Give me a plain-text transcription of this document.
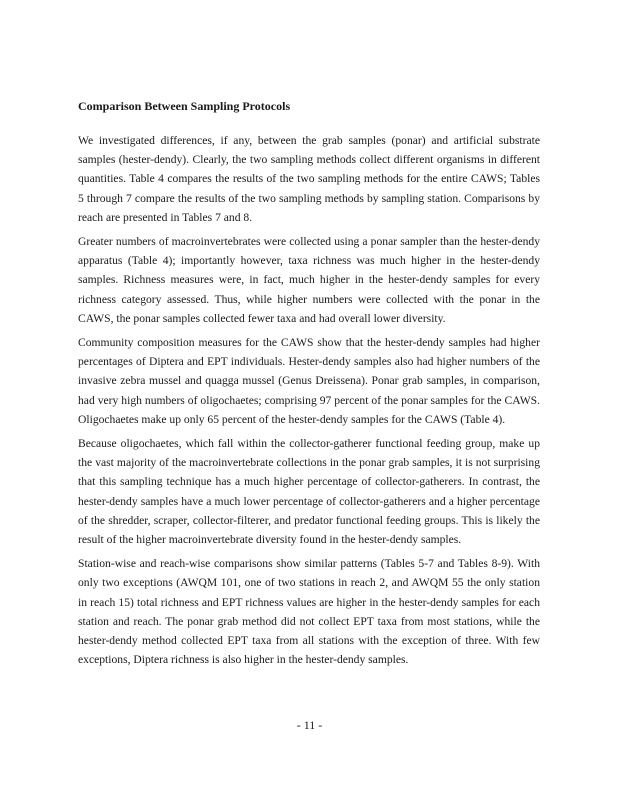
Comparison Between Sampling Protocols

We investigated differences, if any, between the grab samples (ponar) and artificial substrate samples (hester-dendy). Clearly, the two sampling methods collect different organisms in different quantities. Table 4 compares the results of the two sampling methods for the entire CAWS; Tables 5 through 7 compare the results of the two sampling methods by sampling station. Comparisons by reach are presented in Tables 7 and 8.

Greater numbers of macroinvertebrates were collected using a ponar sampler than the hester-dendy apparatus (Table 4); importantly however, taxa richness was much higher in the hester-dendy samples. Richness measures were, in fact, much higher in the hester-dendy samples for every richness category assessed. Thus, while higher numbers were collected with the ponar in the CAWS, the ponar samples collected fewer taxa and had overall lower diversity.

Community composition measures for the CAWS show that the hester-dendy samples had higher percentages of Diptera and EPT individuals. Hester-dendy samples also had higher numbers of the invasive zebra mussel and quagga mussel (Genus Dreissena). Ponar grab samples, in comparison, had very high numbers of oligochaetes; comprising 97 percent of the ponar samples for the CAWS. Oligochaetes make up only 65 percent of the hester-dendy samples for the CAWS (Table 4).

Because oligochaetes, which fall within the collector-gatherer functional feeding group, make up the vast majority of the macroinvertebrate collections in the ponar grab samples, it is not surprising that this sampling technique has a much higher percentage of collector-gatherers. In contrast, the hester-dendy samples have a much lower percentage of collector-gatherers and a higher percentage of the shredder, scraper, collector-filterer, and predator functional feeding groups. This is likely the result of the higher macroinvertebrate diversity found in the hester-dendy samples.

Station-wise and reach-wise comparisons show similar patterns (Tables 5-7 and Tables 8-9). With only two exceptions (AWQM 101, one of two stations in reach 2, and AWQM 55 the only station in reach 15) total richness and EPT richness values are higher in the hester-dendy samples for each station and reach. The ponar grab method did not collect EPT taxa from most stations, while the hester-dendy method collected EPT taxa from all stations with the exception of three. With few exceptions, Diptera richness is also higher in the hester-dendy samples.

- 11 -
